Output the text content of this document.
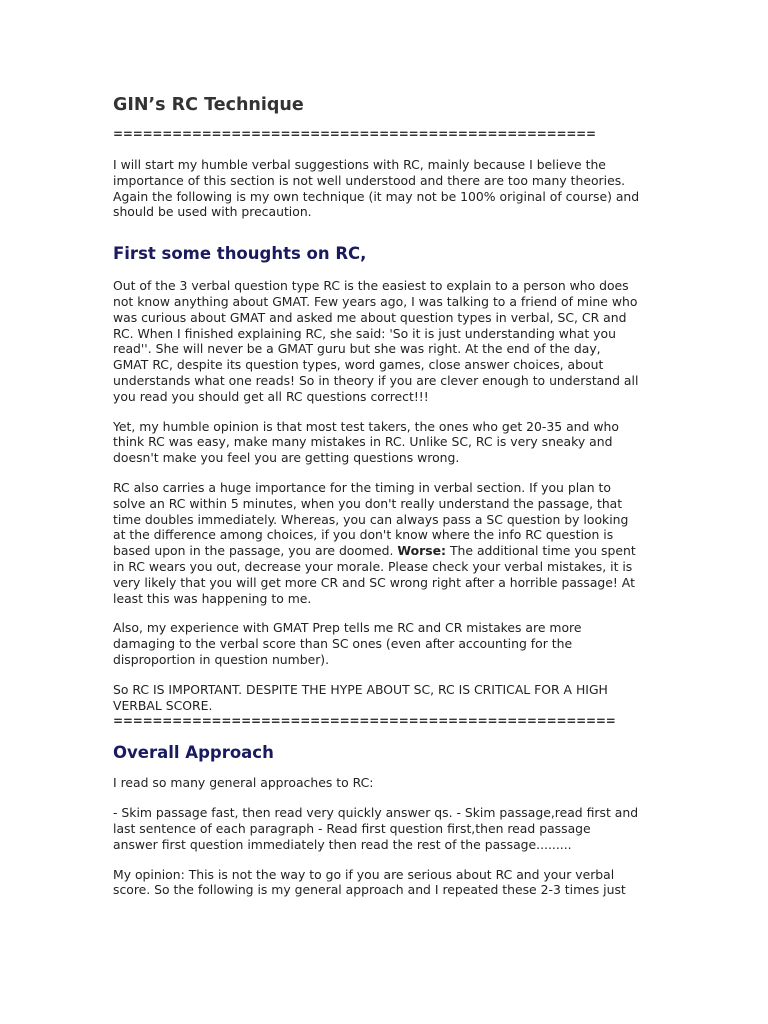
GIN’s RC Technique
=================================================

I will start my humble verbal suggestions with RC, mainly because I believe the
importance of this section is not well understood and there are too many theories.
Again the following is my own technique (it may not be 100% original of course) and
should be used with precaution.

First some thoughts on RC,

Out of the 3 verbal question type RC is the easiest to explain to a person who does
not know anything about GMAT. Few years ago, I was talking to a friend of mine who
was curious about GMAT and asked me about question types in verbal, SC, CR and
RC. When I finished explaining RC, she said: 'So it is just understanding what you
read''. She will never be a GMAT guru but she was right. At the end of the day,
GMAT RC, despite its question types, word games, close answer choices, about
understands what one reads! So in theory if you are clever enough to understand all
you read you should get all RC questions correct!!!

Yet, my humble opinion is that most test takers, the ones who get 20-35 and who
think RC was easy, make many mistakes in RC. Unlike SC, RC is very sneaky and
doesn't make you feel you are getting questions wrong.

RC also carries a huge importance for the timing in verbal section. If you plan to
solve an RC within 5 minutes, when you don't really understand the passage, that
time doubles immediately. Whereas, you can always pass a SC question by looking
at the difference among choices, if you don't know where the info RC question is
based upon in the passage, you are doomed. Worse: The additional time you spent
in RC wears you out, decrease your morale. Please check your verbal mistakes, it is
very likely that you will get more CR and SC wrong right after a horrible passage! At
least this was happening to me.

Also, my experience with GMAT Prep tells me RC and CR mistakes are more
damaging to the verbal score than SC ones (even after accounting for the
disproportion in question number).

So RC IS IMPORTANT. DESPITE THE HYPE ABOUT SC, RC IS CRITICAL FOR A HIGH
VERBAL SCORE.

===================================================
Overall Approach

I read so many general approaches to RC:

- Skim passage fast, then read very quickly answer qs. - Skim passage,read first and
last sentence of each paragraph - Read first question first,then read passage
answer first question immediately then read the rest of the passage.........

My opinion: This is not the way to go if you are serious about RC and your verbal
score. So the following is my general approach and I repeated these 2-3 times just
